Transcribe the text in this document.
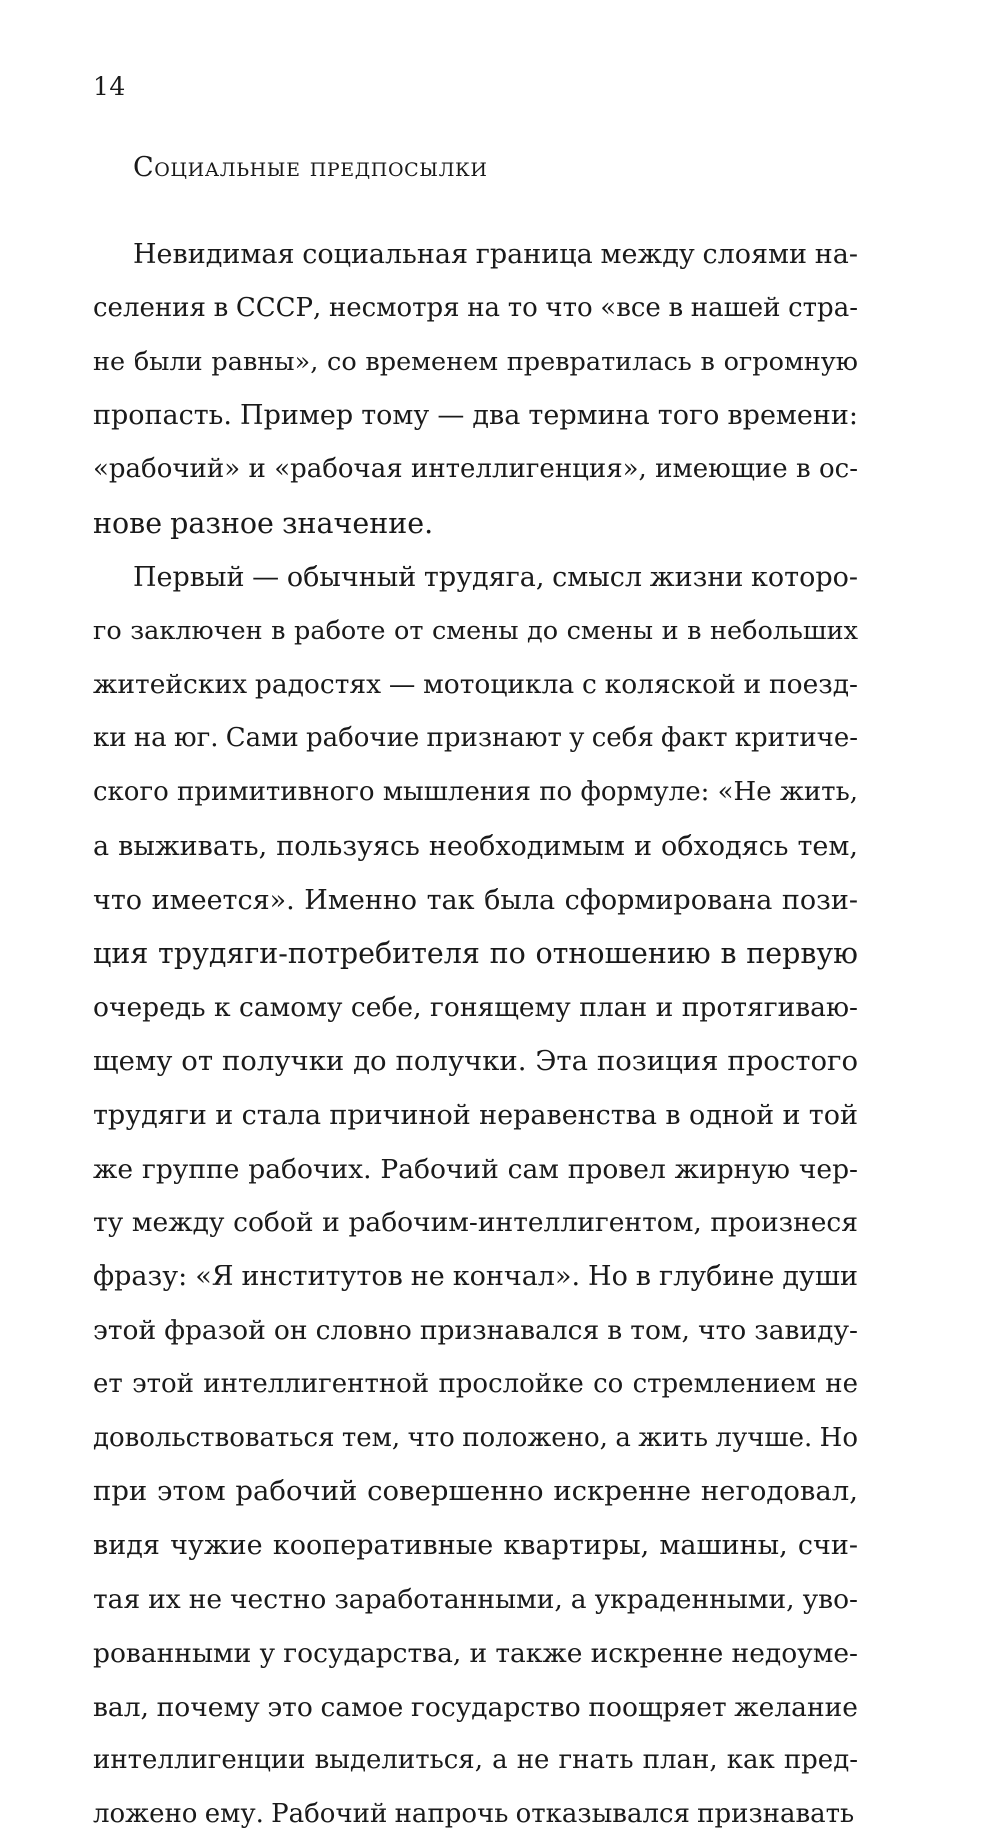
14
Социальные предпосылки
Невидимая социальная граница между слоями на-
селения в СССР, несмотря на то что «все в нашей стра-
не были равны», со временем превратилась в огромную
пропасть. Пример тому — два термина того времени:
«рабочий» и «рабочая интеллигенция», имеющие в ос-
нове разное значение.
Первый — обычный трудяга, смысл жизни которо-
го заключен в работе от смены до смены и в небольших
житейских радостях — мотоцикла с коляской и поезд-
ки на юг. Сами рабочие признают у себя факт критиче-
ского примитивного мышления по формуле: «Не жить,
а выживать, пользуясь необходимым и обходясь тем,
что имеется». Именно так была сформирована пози-
ция трудяги-потребителя по отношению в первую
очередь к самому себе, гонящему план и протягиваю-
щему от получки до получки. Эта позиция простого
трудяги и стала причиной неравенства в одной и той
же группе рабочих. Рабочий сам провел жирную чер-
ту между собой и рабочим-интеллигентом, произнеся
фразу: «Я институтов не кончал». Но в глубине души
этой фразой он словно признавался в том, что завиду-
ет этой интеллигентной прослойке со стремлением не
довольствоваться тем, что положено, а жить лучше. Но
при этом рабочий совершенно искренне негодовал,
видя чужие кооперативные квартиры, машины, счи-
тая их не честно заработанными, а украденными, уво-
рованными у государства, и также искренне недоуме-
вал, почему это самое государство поощряет желание
интеллигенции выделиться, а не гнать план, как пред-
ложено ему. Рабочий напрочь отказывался признавать
